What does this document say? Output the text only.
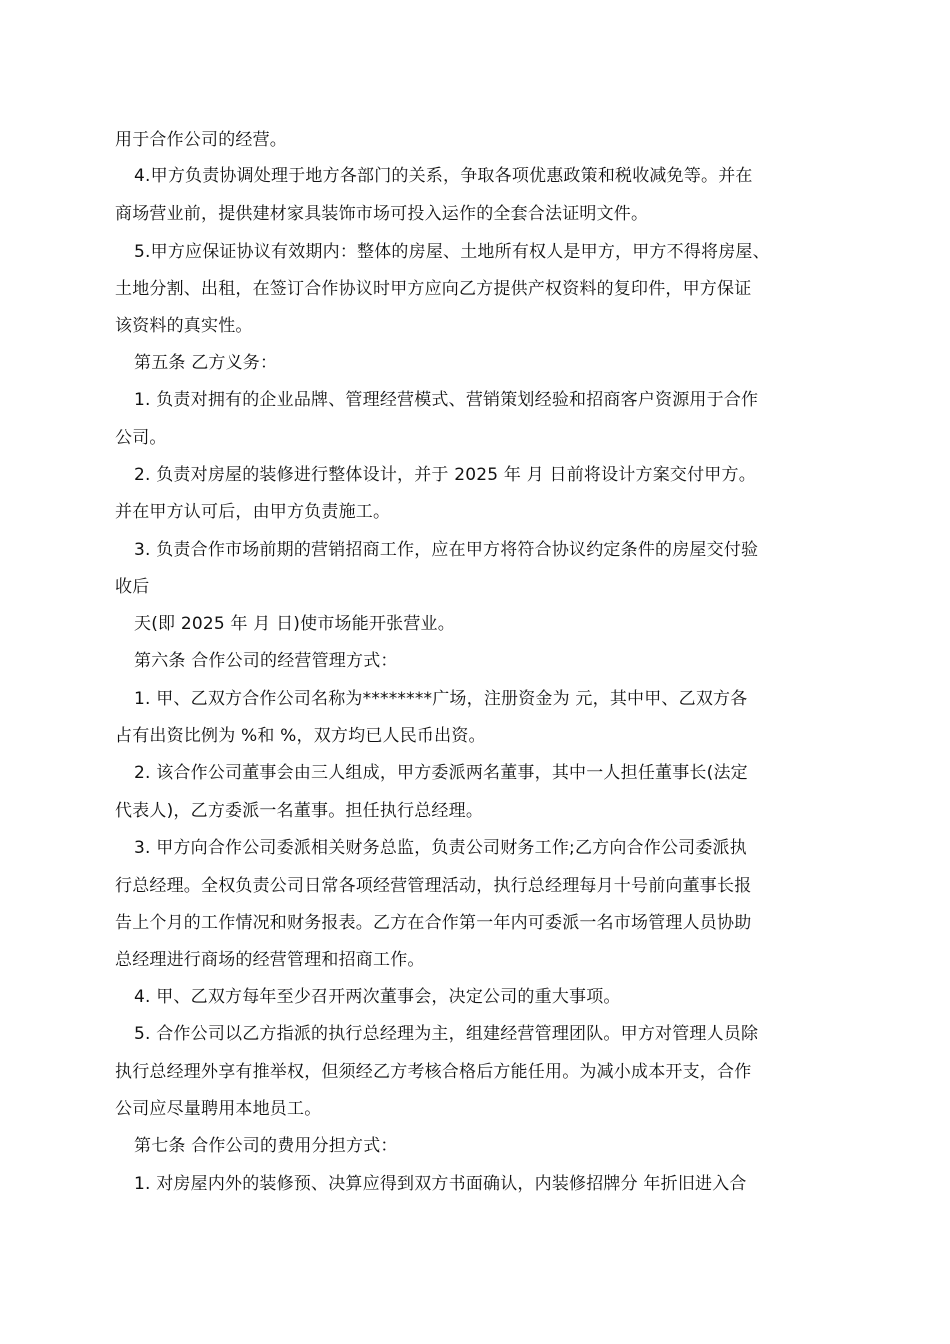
用于合作公司的经营。
4.甲方负责协调处理于地方各部门的关系，争取各项优惠政策和税收减免等。并在
商场营业前，提供建材家具装饰市场可投入运作的全套合法证明文件。
5.甲方应保证协议有效期内：整体的房屋、土地所有权人是甲方，甲方不得将房屋、
土地分割、出租，在签订合作协议时甲方应向乙方提供产权资料的复印件，甲方保证
该资料的真实性。
第五条 乙方义务：
1. 负责对拥有的企业品牌、管理经营模式、营销策划经验和招商客户资源用于合作
公司。
2. 负责对房屋的装修进行整体设计，并于 2025 年 月 日前将设计方案交付甲方。
并在甲方认可后，由甲方负责施工。
3. 负责合作市场前期的营销招商工作，应在甲方将符合协议约定条件的房屋交付验
收后
天(即 2025 年 月 日)使市场能开张营业。
第六条 合作公司的经营管理方式：
1. 甲、乙双方合作公司名称为********广场，注册资金为 元，其中甲、乙双方各
占有出资比例为 %和 %，双方均已人民币出资。
2. 该合作公司董事会由三人组成，甲方委派两名董事，其中一人担任董事长(法定
代表人)，乙方委派一名董事。担任执行总经理。
3. 甲方向合作公司委派相关财务总监，负责公司财务工作;乙方向合作公司委派执
行总经理。全权负责公司日常各项经营管理活动，执行总经理每月十号前向董事长报
告上个月的工作情况和财务报表。乙方在合作第一年内可委派一名市场管理人员协助
总经理进行商场的经营管理和招商工作。
4. 甲、乙双方每年至少召开两次董事会，决定公司的重大事项。
5. 合作公司以乙方指派的执行总经理为主，组建经营管理团队。甲方对管理人员除
执行总经理外享有推举权，但须经乙方考核合格后方能任用。为减小成本开支，合作
公司应尽量聘用本地员工。
第七条 合作公司的费用分担方式：
1. 对房屋内外的装修预、决算应得到双方书面确认，内装修招牌分 年折旧进入合
